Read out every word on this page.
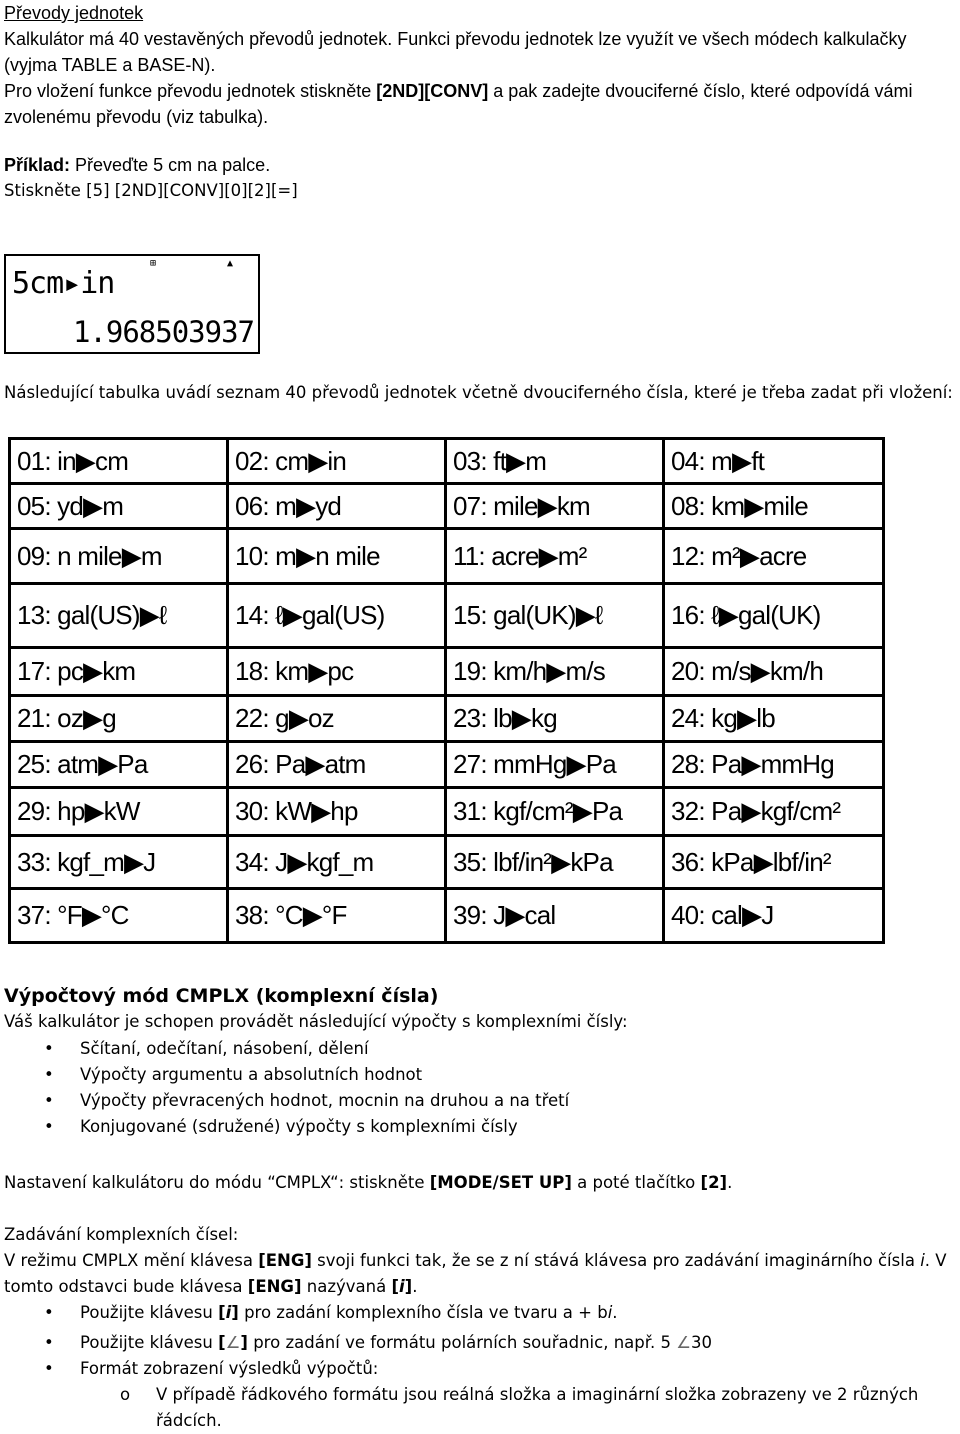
Převody jednotek
Kalkulátor má 40 vestavěných převodů jednotek. Funkci převodu jednotek lze využít ve všech módech kalkulačky (vyjma TABLE a BASE-N).
Pro vložení funkce převodu jednotek stiskněte [2ND][CONV] a pak zadejte dvouciferné číslo, které odpovídá vámi zvolenému převodu (viz tabulka).
Příklad: Převeďte 5 cm na palce.
Stiskněte [5] [2ND][CONV][0][2][=]
⊞	▲
5cm▸in
1.968503937
Následující tabulka uvádí seznam 40 převodů jednotek včetně dvouciferného čísla, které je třeba zadat při vložení:
01: in▶cm	02: cm▶in	03: ft▶m	04: m▶ft
05: yd▶m	06: m▶yd	07: mile▶km	08: km▶mile
09: n mile▶m	10: m▶n mile	11: acre▶m²	12: m²▶acre
13: gal(US)▶ℓ	14: ℓ▶gal(US)	15: gal(UK)▶ℓ	16: ℓ▶gal(UK)
17: pc▶km	18: km▶pc	19: km/h▶m/s	20: m/s▶km/h
21: oz▶g	22: g▶oz	23: lb▶kg	24: kg▶lb
25: atm▶Pa	26: Pa▶atm	27: mmHg▶Pa	28: Pa▶mmHg
29: hp▶kW	30: kW▶hp	31: kgf/cm²▶Pa	32: Pa▶kgf/cm²
33: kgf_m▶J	34: J▶kgf_m	35: lbf/in²▶kPa	36: kPa▶lbf/in²
37: °F▶°C	38: °C▶°F	39: J▶cal	40: cal▶J
Výpočtový mód CMPLX (komplexní čísla)
Váš kalkulátor je schopen provádět následující výpočty s komplexními čísly:
• Sčítaní, odečítaní, násobení, dělení
• Výpočty argumentu a absolutních hodnot
• Výpočty převracených hodnot, mocnin na druhou a na třetí
• Konjugované (sdružené) výpočty s komplexními čísly
Nastavení kalkulátoru do módu “CMPLX“: stiskněte [MODE/SET UP] a poté tlačítko [2].
Zadávání komplexních čísel:
V režimu CMPLX mění klávesa [ENG] svoji funkci tak, že se z ní stává klávesa pro zadávání imaginárního čísla i. V tomto odstavci bude klávesa [ENG] nazývaná [i].
• Použijte klávesu [i] pro zadání komplexního čísla ve tvaru a + bi.
• Použijte klávesu [∠] pro zadání ve formátu polárních souřadnic, např. 5 ∠30
• Formát zobrazení výsledků výpočtů:
o V případě řádkového formátu jsou reálná složka a imaginární složka zobrazeny ve 2 různých řádcích.
